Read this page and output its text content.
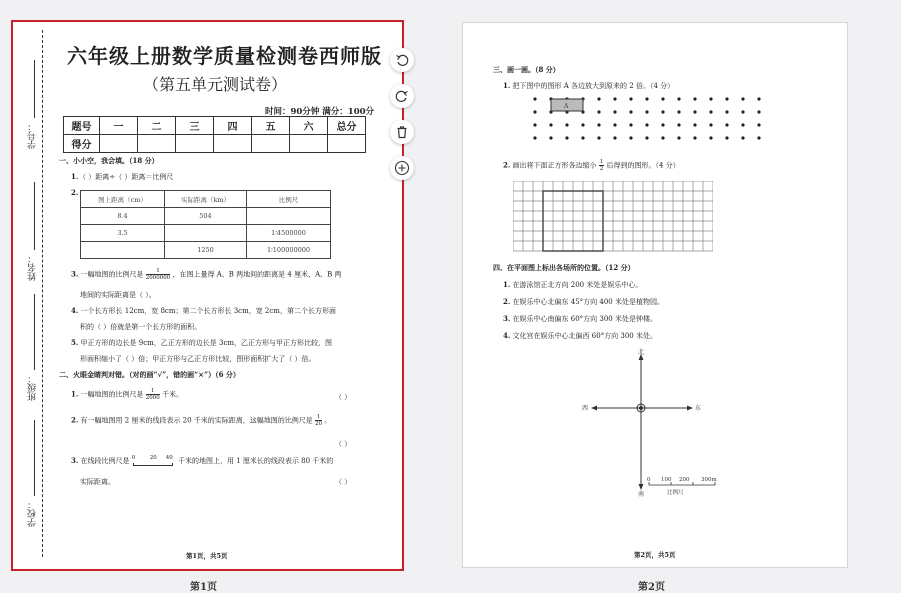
学号：
姓名：
班级：
学校：
六年级上册数学质量检测卷西师版
（第五单元测试卷）
时间：90分钟 满分：100分
题号	一	二	三	四	五	六	总分
得分							
一、小小空，我会填。（18 分）
1. （ ）距离÷（ ）距离＝比例尺
2.
图上距离（cm）	实际距离（km）	比例尺
8.4	504	
3.5		1∶4500000
	1250	1∶100000000
3. 一幅地图的比例尺是 $\frac{1}{2000000}$ ，在图上量得 A、B 两地间的距离是 4 厘米，A、B 两
地间的实际距离是（ ）。
4. 一个长方形长 12cm，宽 8cm；第二个长方形长 3cm，宽 2cm，第二个长方形面
积的（ ）倍就是第一个长方形的面积。
5. 甲正方形的边长是 9cm，乙正方形的边长是 3cm，乙正方形与甲正方形比较，图
形面积缩小了（ ）倍；甲正方形与乙正方形比较，图形面积扩大了（ ）倍。
二、火眼金睛判对错。（对的画“√”，错的画“×”）（6 分）
1. 一幅地图的比例尺是 $\frac{1}{2000}$ 千米。	（ ）
2. 有一幅地图用 2 厘米的线段表示 20 千米的实际距离，这幅地图的比例尺是 $\frac{1}{20}$ 。
（ ）
3. 在线段比例尺是 0	20 40 千米的地图上，用 1 厘米长的线段表示 80 千米的
实际距离。	（ ）
第1页，共5页
三、画一画。（8 分）
1. 把下图中的图形 A 各边放大到原来的 2 倍。（4 分）
A
2. 画出将下面正方形各边缩小 $\frac{1}{2}$ 后得到的图形。（4 分）
四、在平面图上标出各场所的位置。（12 分）
1. 在游泳馆正北方向 200 米处是娱乐中心。
2. 在娱乐中心北偏东 45°方向 400 米处是植物园。
3. 在娱乐中心南偏东 60°方向 300 米处是钟楼。
4. 文化宫在娱乐中心北偏西 60°方向 300 米处。
北
南
西	东
0 100 200 300m
比例尺
第2页，共5页
第1页	第2页
